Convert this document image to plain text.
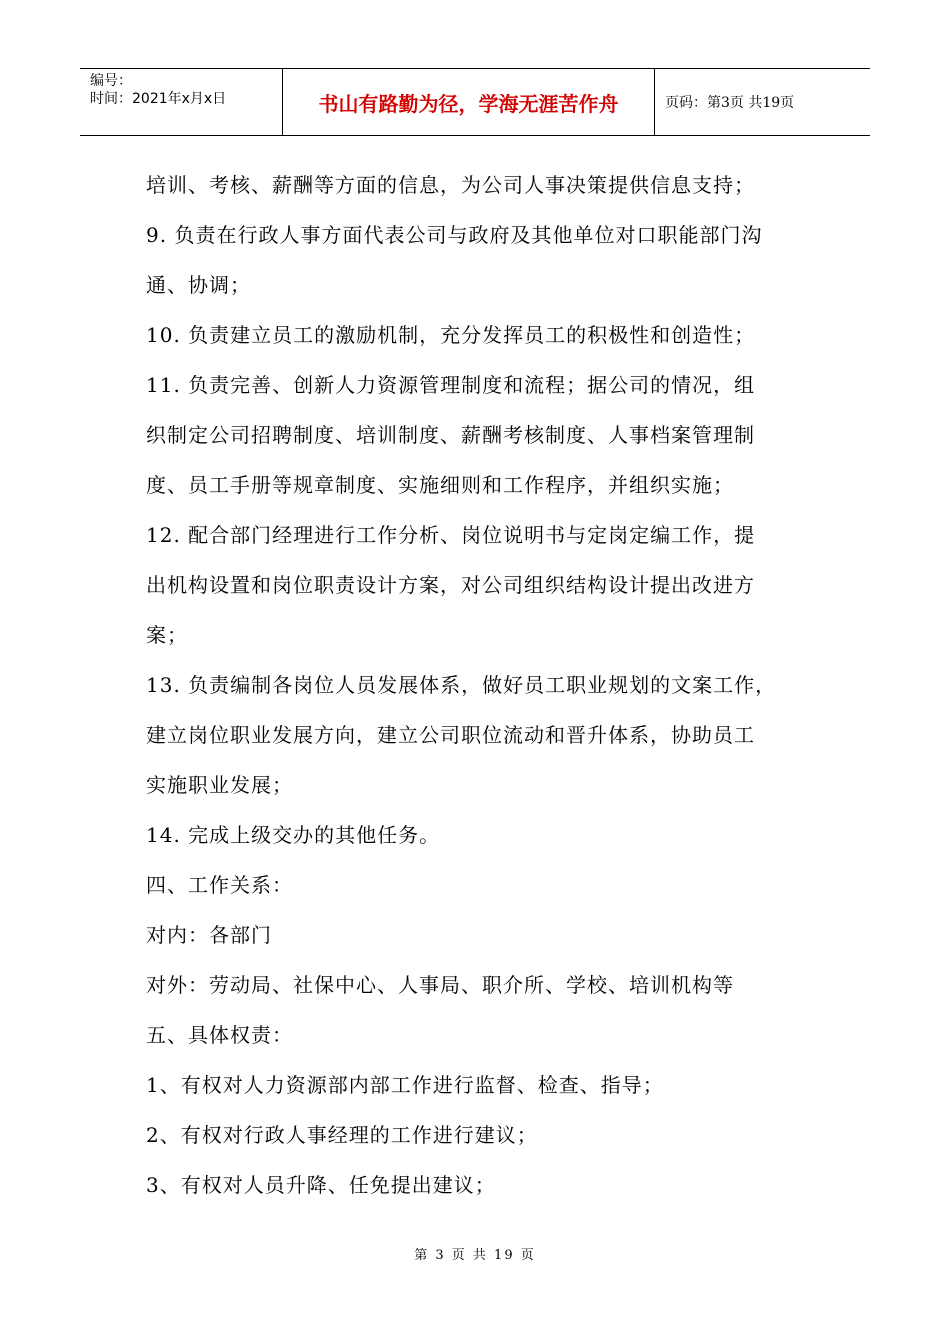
编号：
时间：2021年x月x日	书山有路勤为径，学海无涯苦作舟	页码：第3页 共19页
培训、考核、薪酬等方面的信息，为公司人事决策提供信息支持；
9. 负责在行政人事方面代表公司与政府及其他单位对口职能部门沟
通、协调；
10. 负责建立员工的激励机制，充分发挥员工的积极性和创造性；
11. 负责完善、创新人力资源管理制度和流程；据公司的情况，组
织制定公司招聘制度、培训制度、薪酬考核制度、人事档案管理制
度、员工手册等规章制度、实施细则和工作程序，并组织实施；
12. 配合部门经理进行工作分析、岗位说明书与定岗定编工作，提
出机构设置和岗位职责设计方案，对公司组织结构设计提出改进方
案；
13. 负责编制各岗位人员发展体系，做好员工职业规划的文案工作，
建立岗位职业发展方向，建立公司职位流动和晋升体系，协助员工
实施职业发展；
14. 完成上级交办的其他任务。
四、工作关系：
对内：各部门
对外：劳动局、社保中心、人事局、职介所、学校、培训机构等
五、具体权责：
1、有权对人力资源部内部工作进行监督、检查、指导；
2、有权对行政人事经理的工作进行建议；
3、有权对人员升降、任免提出建议；
第 3 页 共 19 页
